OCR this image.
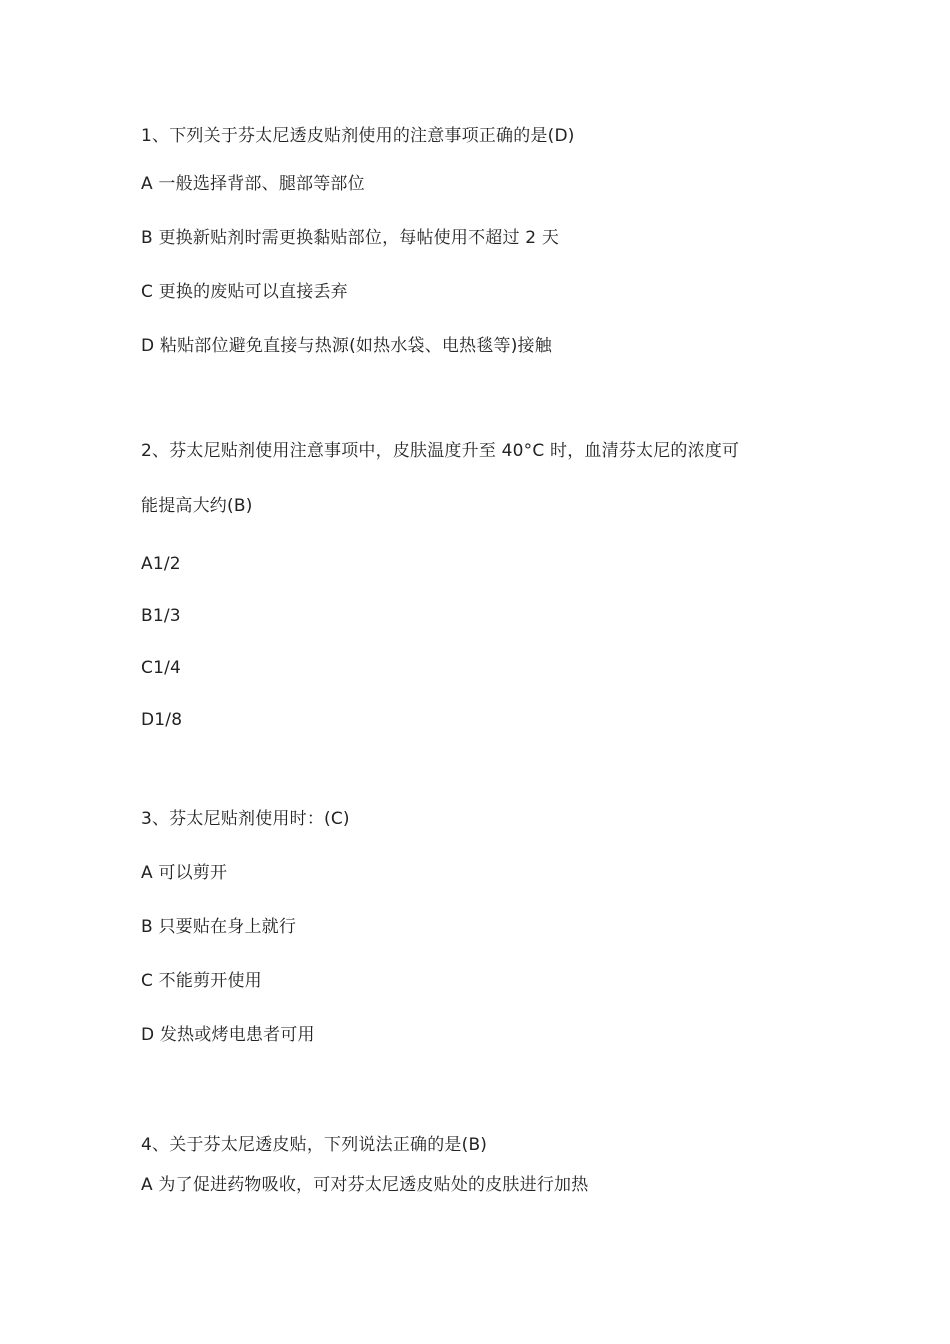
1、下列关于芬太尼透皮贴剂使用的注意事项正确的是(D)
A 一般选择背部、腿部等部位
B 更换新贴剂时需更换黏贴部位，每帖使用不超过 2 天
C 更换的废贴可以直接丢弃
D 粘贴部位避免直接与热源(如热水袋、电热毯等)接触
2、芬太尼贴剂使用注意事项中，皮肤温度升至 40°C 时，血清芬太尼的浓度可
能提高大约(B)
A1/2
B1/3
C1/4
D1/8
3、芬太尼贴剂使用时：(C)
A 可以剪开
B 只要贴在身上就行
C 不能剪开使用
D 发热或烤电患者可用
4、关于芬太尼透皮贴，下列说法正确的是(B)
A 为了促进药物吸收，可对芬太尼透皮贴处的皮肤进行加热
